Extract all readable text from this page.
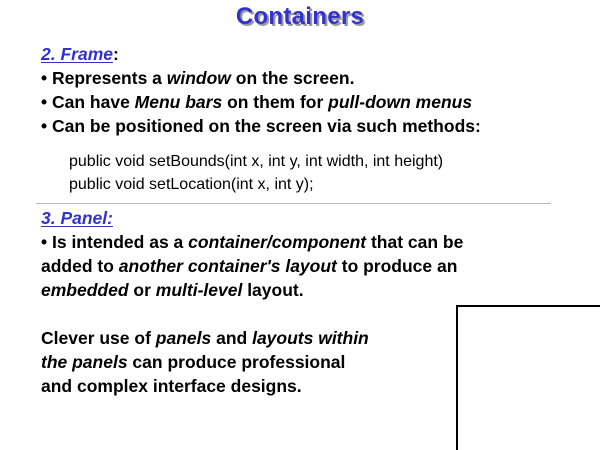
Containers
2. Frame:
• Represents a window on the screen.
• Can have Menu bars on them for pull-down menus
• Can be positioned on the screen via such methods:
public void setBounds(int x, int y, int width, int height)
public void setLocation(int x, int y);
3. Panel:
• Is intended as a container/component that can be
added to another container's layout to produce an
embedded or multi-level layout.
Clever use of panels and layouts within
the panels can produce professional
and complex interface designs.
